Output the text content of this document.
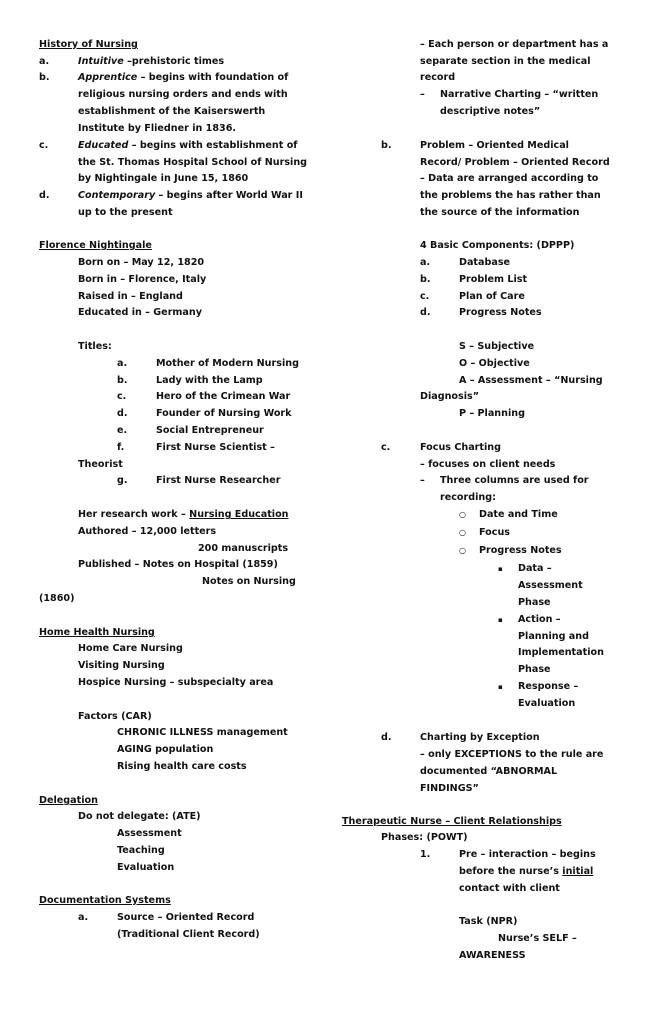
History of Nursing
a.	Intuitive –prehistoric times
b.	Apprentice – begins with foundation of
religious nursing orders and ends with
establishment of the Kaiserswerth
Institute by Fliedner in 1836.
c.	Educated – begins with establishment of
the St. Thomas Hospital School of Nursing
by Nightingale in June 15, 1860
d.	Contemporary – begins after World War II
up to the present
Florence Nightingale
Born on – May 12, 1820
Born in – Florence, Italy
Raised in – England
Educated in – Germany
Titles:
a.	Mother of Modern Nursing
b.	Lady with the Lamp
c.	Hero of the Crimean War
d.	Founder of Nursing Work
e.	Social Entrepreneur
f.	First Nurse Scientist –
Theorist
g.	First Nurse Researcher
Her research work – Nursing Education
Authored – 12,000 letters
200 manuscripts
Published – Notes on Hospital (1859)
Notes on Nursing
(1860)
Home Health Nursing
Home Care Nursing
Visiting Nursing
Hospice Nursing – subspecialty area
Factors (CAR)
CHRONIC ILLNESS management
AGING population
Rising health care costs
Delegation
Do not delegate: (ATE)
Assessment
Teaching
Evaluation
Documentation Systems
a.	Source – Oriented Record
(Traditional Client Record)
– Each person or department has a
separate section in the medical
record
– Narrative Charting – “written
descriptive notes”
b.	Problem – Oriented Medical
Record/ Problem – Oriented Record
– Data are arranged according to
the problems the has rather than
the source of the information
4 Basic Components: (DPPP)
a.	Database
b.	Problem List
c.	Plan of Care
d.	Progress Notes
S – Subjective
O – Objective
A – Assessment – “Nursing
Diagnosis”
P – Planning
c.	Focus Charting
– focuses on client needs
– Three columns are used for
recording:
○ Date and Time
○ Focus
○ Progress Notes
▪ Data –
Assessment
Phase
▪ Action –
Planning and
Implementation
Phase
▪ Response –
Evaluation
d.	Charting by Exception
– only EXCEPTIONS to the rule are
documented “ABNORMAL
FINDINGS”
Therapeutic Nurse – Client Relationships
Phases: (POWT)
1.	Pre – interaction – begins
before the nurse’s initial
contact with client
Task (NPR)
Nurse’s SELF –
AWARENESS
